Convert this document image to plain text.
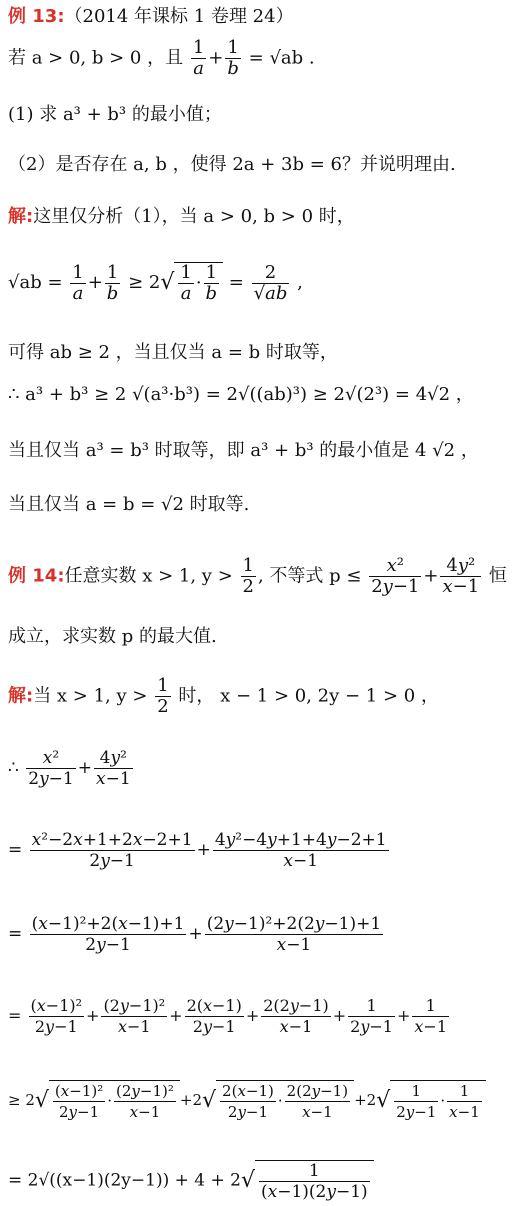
例 13:（2014 年课标 1 卷理 24）
若 a > 0, b > 0 ，且 $\frac{1}{a} + \frac{1}{b} = √ab$ .
(1) 求 a³ + b³ 的最小值；
（2）是否存在 a, b ，使得 2a + 3b = 6？并说明理由.
解:这里仅分析（1），当 a > 0, b > 0 时，
$√ab = \frac{1}{a} + \frac{1}{b} \ge 2√ \frac{1}{a} \cdot \frac{1}{b} = \frac{2}{√ab}$ ,
可得 ab ≥ 2 ，当且仅当 a = b 时取等，
∴ a³ + b³ ≥ 2 √(a³·b³) = 2√((ab)³) ≥ 2√(2³) = 4√2 ，
当且仅当 a³ = b³ 时取等，即 a³ + b³ 的最小值是 4 √2 ，
当且仅当 a = b = √2 时取等.
例 14:任意实数 x > 1, $y > \frac{1}{2}$ , 不等式 $p \le \frac{\text{x²}}{2y-1} + \frac{\text{4y²}}{x-1}$ 恒
成立，求实数 p 的最大值.
解:当 x > 1, $y > \frac{1}{2}$ 时， x − 1 > 0, 2y − 1 > 0 ，
∴ $\frac{\text{x²}}{2y-1} + \frac{\text{4y²}}{x-1}$
= $\frac{\text{x²−2x+1+2x−2+1}}{2y-1} + \frac{\text{4y²−4y+1+4y−2+1}}{x-1}$
= $\frac{\text{(x−1)²+2(x−1)+1}}{2y-1} + \frac{\text{(2y−1)²+2(2y−1)+1}}{x-1}$
= $\frac{\text{(x−1)²}}{2y-1} + \frac{\text{(2y−1)²}}{x-1} + \frac{2(x-1)}{2y-1} + \frac{2(2y-1)}{x-1} + \frac{1}{2y-1} + \frac{1}{x-1}$
≥ $2√ \frac{\text{(x−1)²}}{2y-1} \cdot \frac{\text{(2y−1)²}}{x-1} +2√ \frac{2(x-1)}{2y-1} \cdot \frac{2(2y-1)}{x-1} +2√ \frac{1}{2y-1} \cdot \frac{1}{x-1}$
= $2√((x-1)(2y-1)) + 4 + 2√ \frac{1}{(x-1)(2y-1)}$
